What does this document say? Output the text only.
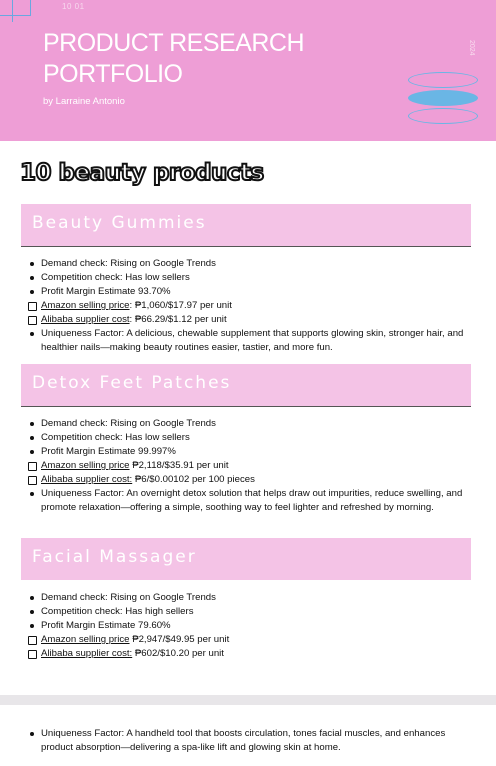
10 01
PRODUCT RESEARCH
PORTFOLIO
by Larraine Antonio
2024
10 beauty products
Beauty Gummies
Demand check: Rising on Google Trends
Competition check: Has low sellers
Profit Margin Estimate 93.70%
Amazon selling price: ₱1,060/$17.97 per unit
Alibaba supplier cost: ₱66.29/$1.12 per unit
Uniqueness Factor: A delicious, chewable supplement that supports glowing skin, stronger hair, and healthier nails—making beauty routines easier, tastier, and more fun.
Detox Feet Patches
Demand check: Rising on Google Trends
Competition check: Has low sellers
Profit Margin Estimate 99.997%
Amazon selling price ₱2,118/$35.91 per unit
Alibaba supplier cost: ₱6/$0.00102 per 100 pieces
Uniqueness Factor: An overnight detox solution that helps draw out impurities, reduce swelling, and promote relaxation—offering a simple, soothing way to feel lighter and refreshed by morning.
Facial Massager
Demand check: Rising on Google Trends
Competition check: Has high sellers
Profit Margin Estimate 79.60%
Amazon selling price ₱2,947/$49.95 per unit
Alibaba supplier cost: ₱602/$10.20 per unit
Uniqueness Factor: A handheld tool that boosts circulation, tones facial muscles, and enhances product absorption—delivering a spa-like lift and glowing skin at home.
